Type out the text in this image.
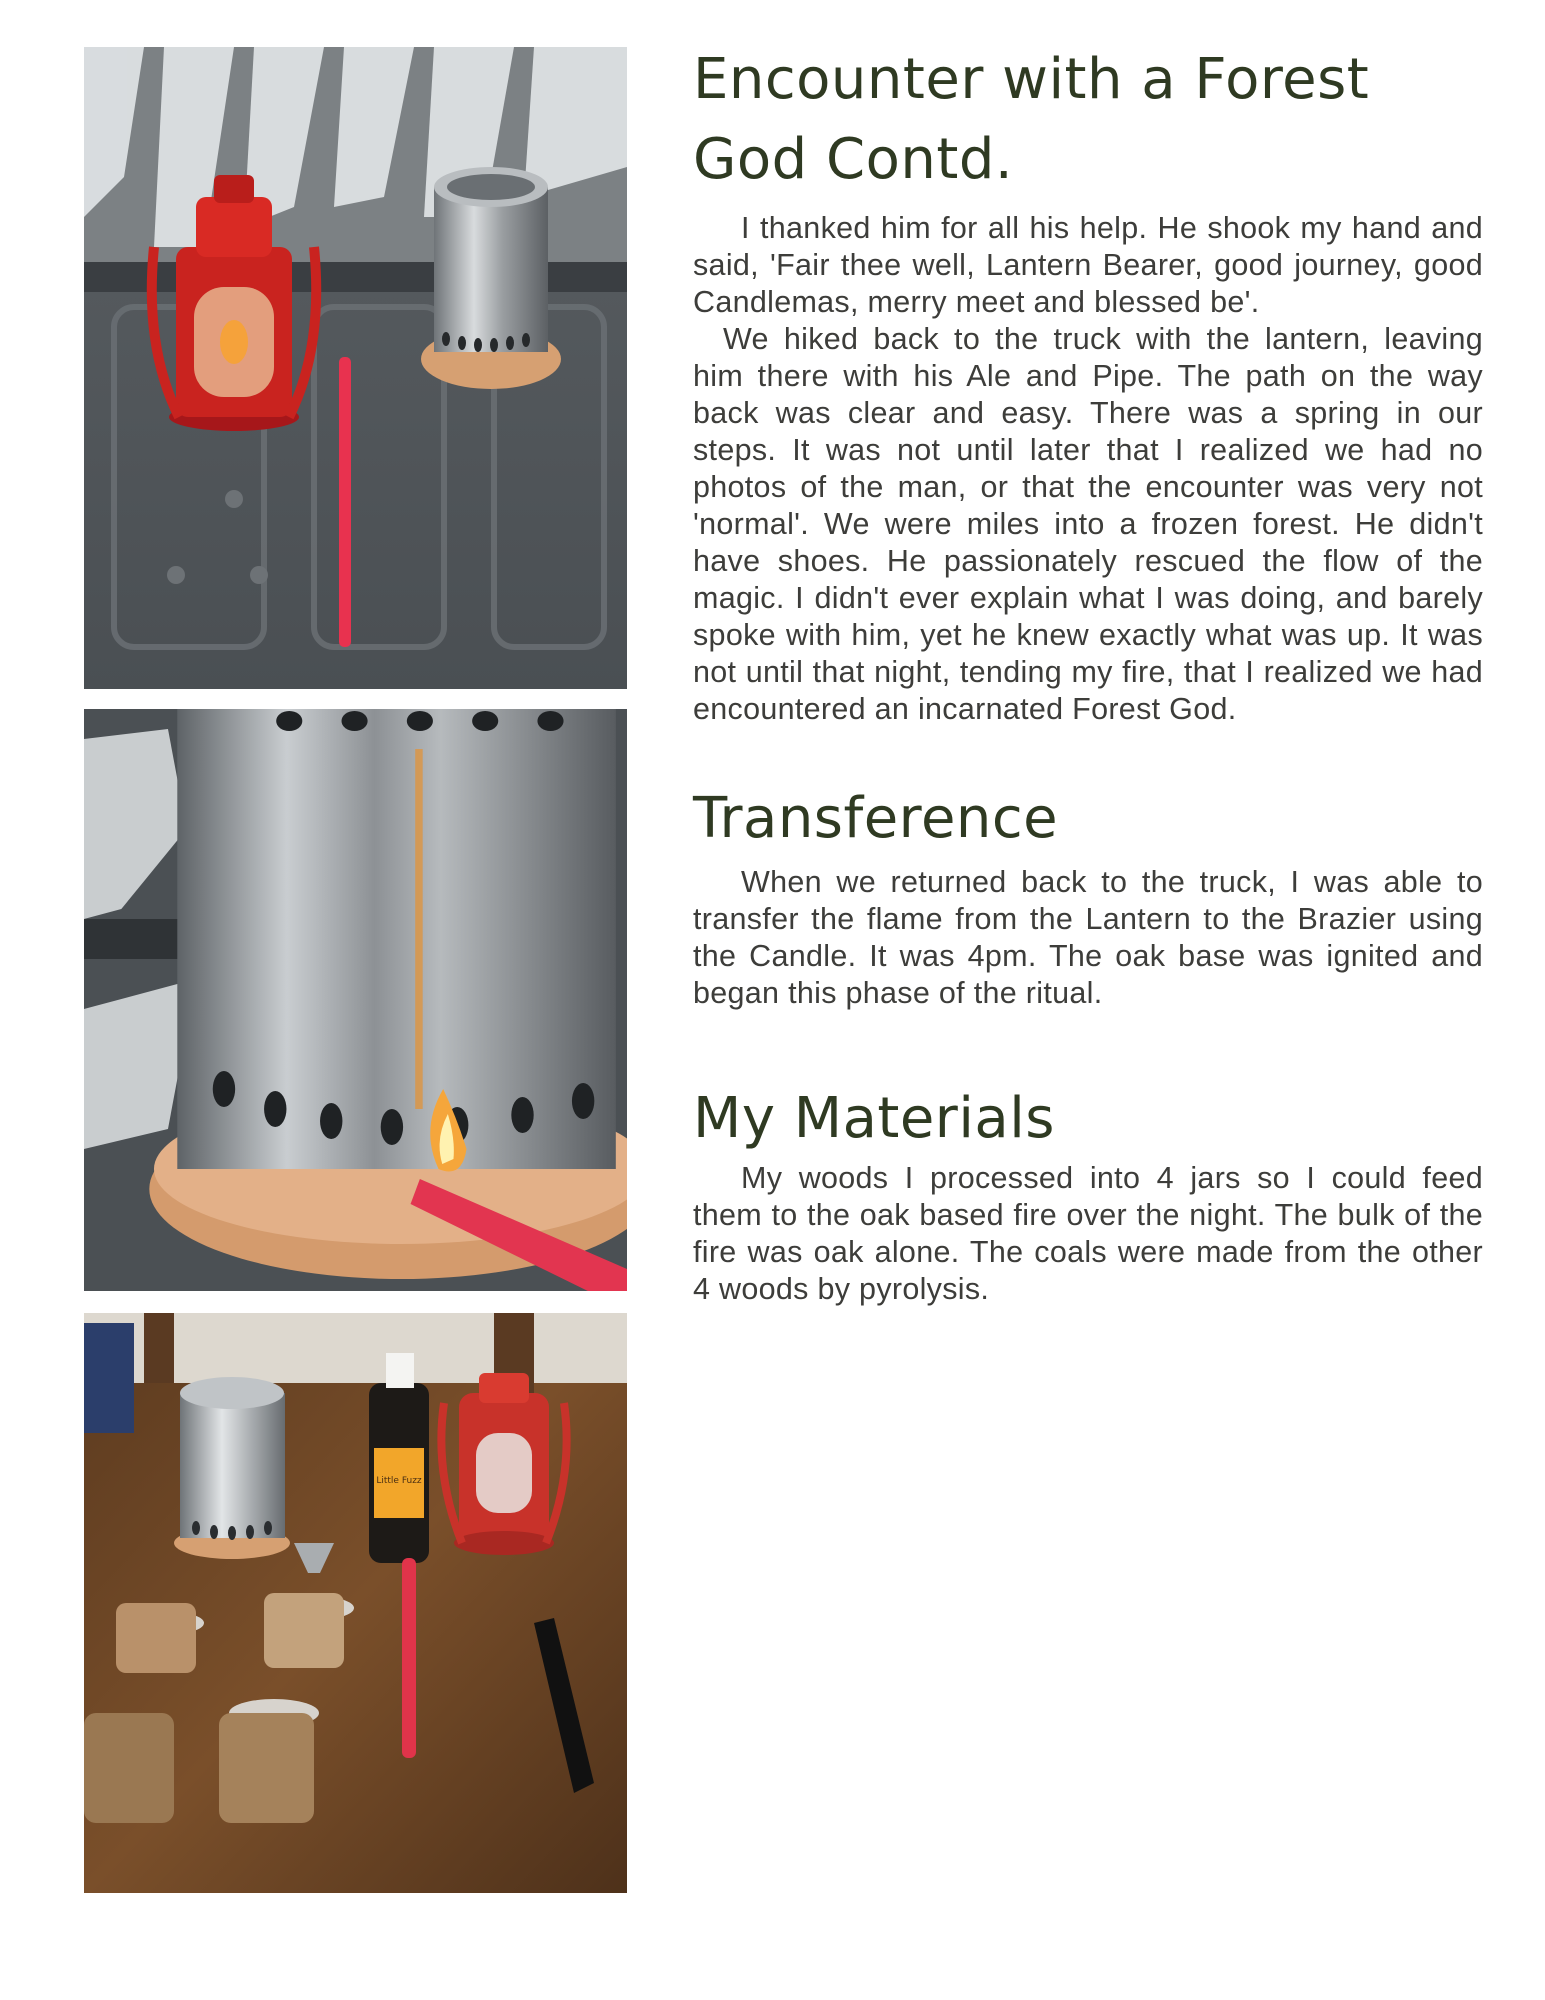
Little Fuzz
Encounter with a Forest God Contd.

I thanked him for all his help. He shook my hand and said, 'Fair thee well, Lantern Bearer, good journey, good Candlemas, merry meet and blessed be'.

We hiked back to the truck with the lantern, leaving him there with his Ale and Pipe. The path on the way back was clear and easy. There was a spring in our steps. It was not until later that I realized we had no photos of the man, or that the encounter was very not 'normal'. We were miles into a frozen forest. He didn't have shoes. He passionately rescued the flow of the magic. I didn't ever explain what I was doing, and barely spoke with him, yet he knew exactly what was up. It was not until that night, tending my fire, that I realized we had encountered an incarnated Forest God.

Transference

When we returned back to the truck, I was able to transfer the flame from the Lantern to the Brazier using the Candle. It was 4pm. The oak base was ignited and began this phase of the ritual.

My Materials

My woods I processed into 4 jars so I could feed them to the oak based fire over the night. The bulk of the fire was oak alone. The coals were made from the other 4 woods by pyrolysis.
